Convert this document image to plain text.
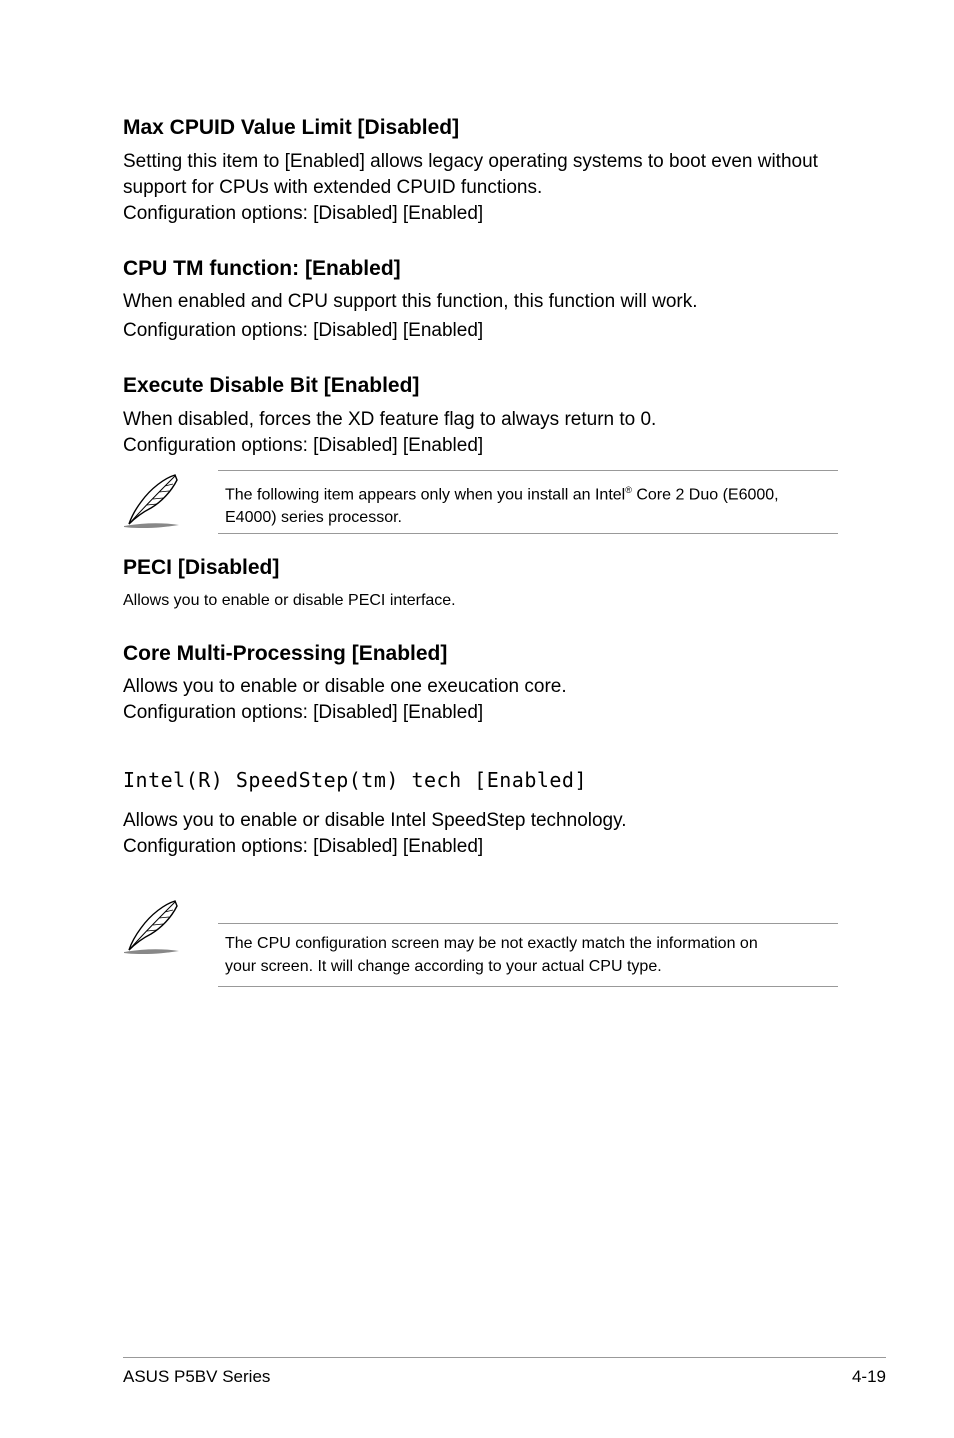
Max CPUID Value Limit [Disabled]

Setting this item to [Enabled] allows legacy operating systems to boot even without

support for CPUs with extended CPUID functions.

Configuration options: [Disabled] [Enabled]

CPU TM function: [Enabled]

When enabled and CPU support this function, this function will work.

Configuration options: [Disabled] [Enabled]

Execute Disable Bit [Enabled]

When disabled, forces the XD feature flag to always return to 0.

Configuration options: [Disabled] [Enabled]

The following item appears only when you install an Intel® Core 2 Duo (E6000,
E4000) series processor.
PECI [Disabled]

Allows you to enable or disable PECI interface.

Core Multi-Processing [Enabled]

Allows you to enable or disable one exeucation core.

Configuration options: [Disabled] [Enabled]

Intel(R) SpeedStep(tm) tech [Enabled]

Allows you to enable or disable Intel SpeedStep technology.

Configuration options: [Disabled] [Enabled]

The CPU configuration screen may be not exactly match the information on
your screen. It will change according to your actual CPU type.
ASUS P5BV Series	4-19
